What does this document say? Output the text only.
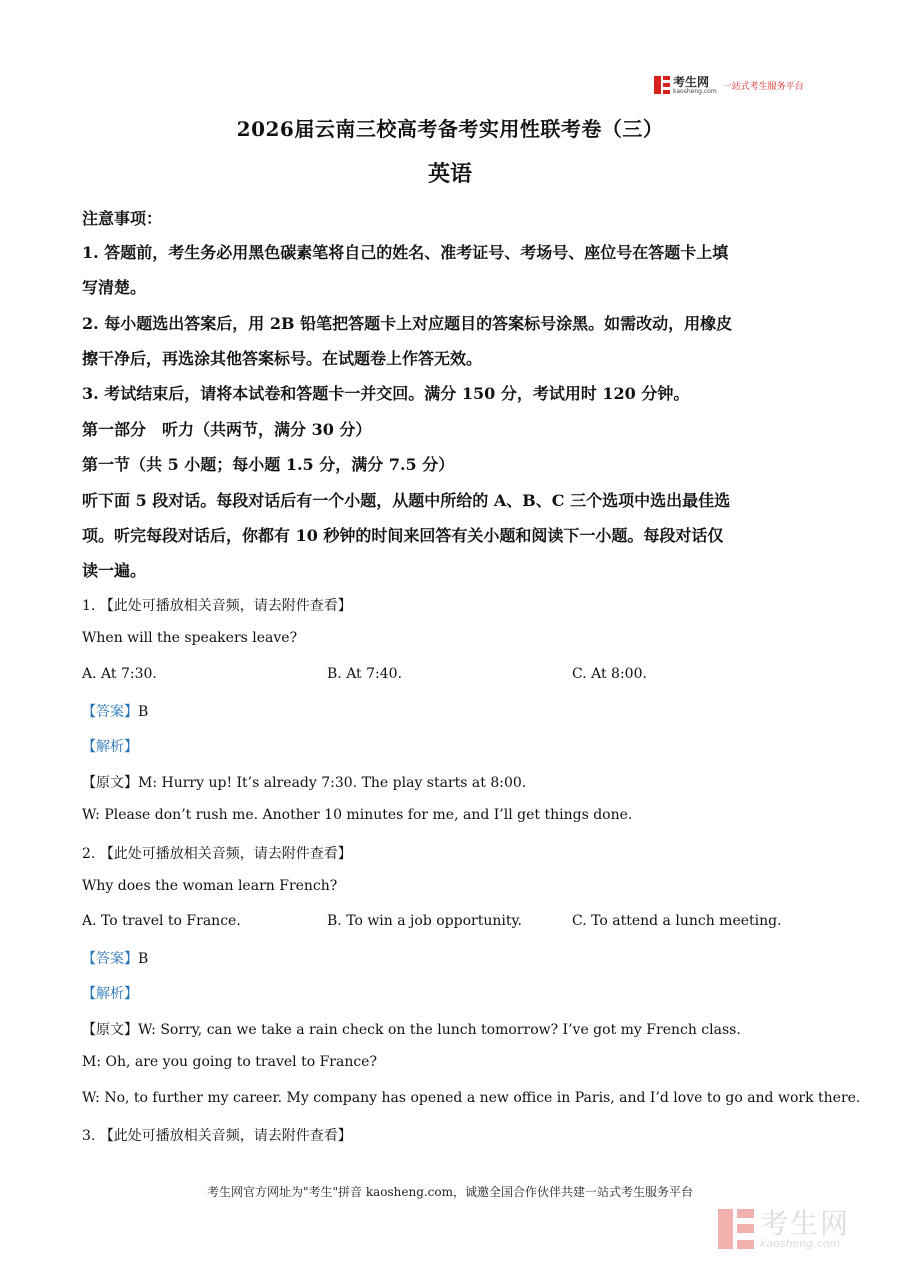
考生网
kaosheng.com 一站式考生服务平台
2026届云南三校高考备考实用性联考卷（三）
英语
注意事项：
1. 答题前，考生务必用黑色碳素笔将自己的姓名、准考证号、考场号、座位号在答题卡上填
写清楚。
2. 每小题选出答案后，用 2B 铅笔把答题卡上对应题目的答案标号涂黑。如需改动，用橡皮
擦干净后，再选涂其他答案标号。在试题卷上作答无效。
3. 考试结束后，请将本试卷和答题卡一并交回。满分 150 分，考试用时 120 分钟。
第一部分　听力（共两节，满分 30 分）
第一节（共 5 小题；每小题 1.5 分，满分 7.5 分）
听下面 5 段对话。每段对话后有一个小题，从题中所给的 A、B、C 三个选项中选出最佳选
项。听完每段对话后，你都有 10 秒钟的时间来回答有关小题和阅读下一小题。每段对话仅
读一遍。
1. 【此处可播放相关音频，请去附件查看】
When will the speakers leave?
A. At 7:30.	B. At 7:40.	C. At 8:00.
【答案】B
【解析】
【原文】M: Hurry up! It’s already 7:30. The play starts at 8:00.
W: Please don’t rush me. Another 10 minutes for me, and I’ll get things done.
2. 【此处可播放相关音频，请去附件查看】
Why does the woman learn French?
A. To travel to France.	B. To win a job opportunity.	C. To attend a lunch meeting.
【答案】B
【解析】
【原文】W: Sorry, can we take a rain check on the lunch tomorrow? I’ve got my French class.
M: Oh, are you going to travel to France?
W: No, to further my career. My company has opened a new office in Paris, and I’d love to go and work there.
3. 【此处可播放相关音频，请去附件查看】
考生网官方网址为"考生"拼音 kaosheng.com，诚邀全国合作伙伴共建一站式考生服务平台
考生网
kaosheng.com
